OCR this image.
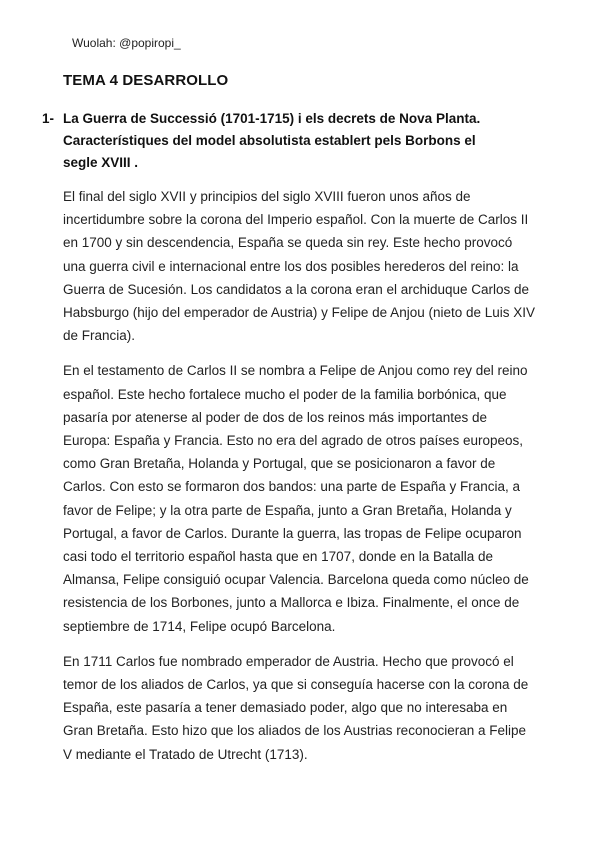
Wuolah: @popiropi_
TEMA 4 DESARROLLO
1- La Guerra de Successió (1701-1715) i els decrets de Nova Planta. Característiques del model absolutista establert pels Borbons el segle XVIII .

El final del siglo XVII y principios del siglo XVIII fueron unos años de incertidumbre sobre la corona del Imperio español. Con la muerte de Carlos II en 1700 y sin descendencia, España se queda sin rey. Este hecho provocó una guerra civil e internacional entre los dos posibles herederos del reino: la Guerra de Sucesión. Los candidatos a la corona eran el archiduque Carlos de Habsburgo (hijo del emperador de Austria) y Felipe de Anjou (nieto de Luis XIV de Francia).

En el testamento de Carlos II se nombra a Felipe de Anjou como rey del reino español. Este hecho fortalece mucho el poder de la familia borbónica, que pasaría por atenerse al poder de dos de los reinos más importantes de Europa: España y Francia. Esto no era del agrado de otros países europeos, como Gran Bretaña, Holanda y Portugal, que se posicionaron a favor de Carlos. Con esto se formaron dos bandos: una parte de España y Francia, a favor de Felipe; y la otra parte de España, junto a Gran Bretaña, Holanda y Portugal, a favor de Carlos. Durante la guerra, las tropas de Felipe ocuparon casi todo el territorio español hasta que en 1707, donde en la Batalla de Almansa, Felipe consiguió ocupar Valencia. Barcelona queda como núcleo de resistencia de los Borbones, junto a Mallorca e Ibiza. Finalmente, el once de septiembre de 1714, Felipe ocupó Barcelona.

En 1711 Carlos fue nombrado emperador de Austria. Hecho que provocó el temor de los aliados de Carlos, ya que si conseguía hacerse con la corona de España, este pasaría a tener demasiado poder, algo que no interesaba en Gran Bretaña. Esto hizo que los aliados de los Austrias reconocieran a Felipe V mediante el Tratado de Utrecht (1713).
